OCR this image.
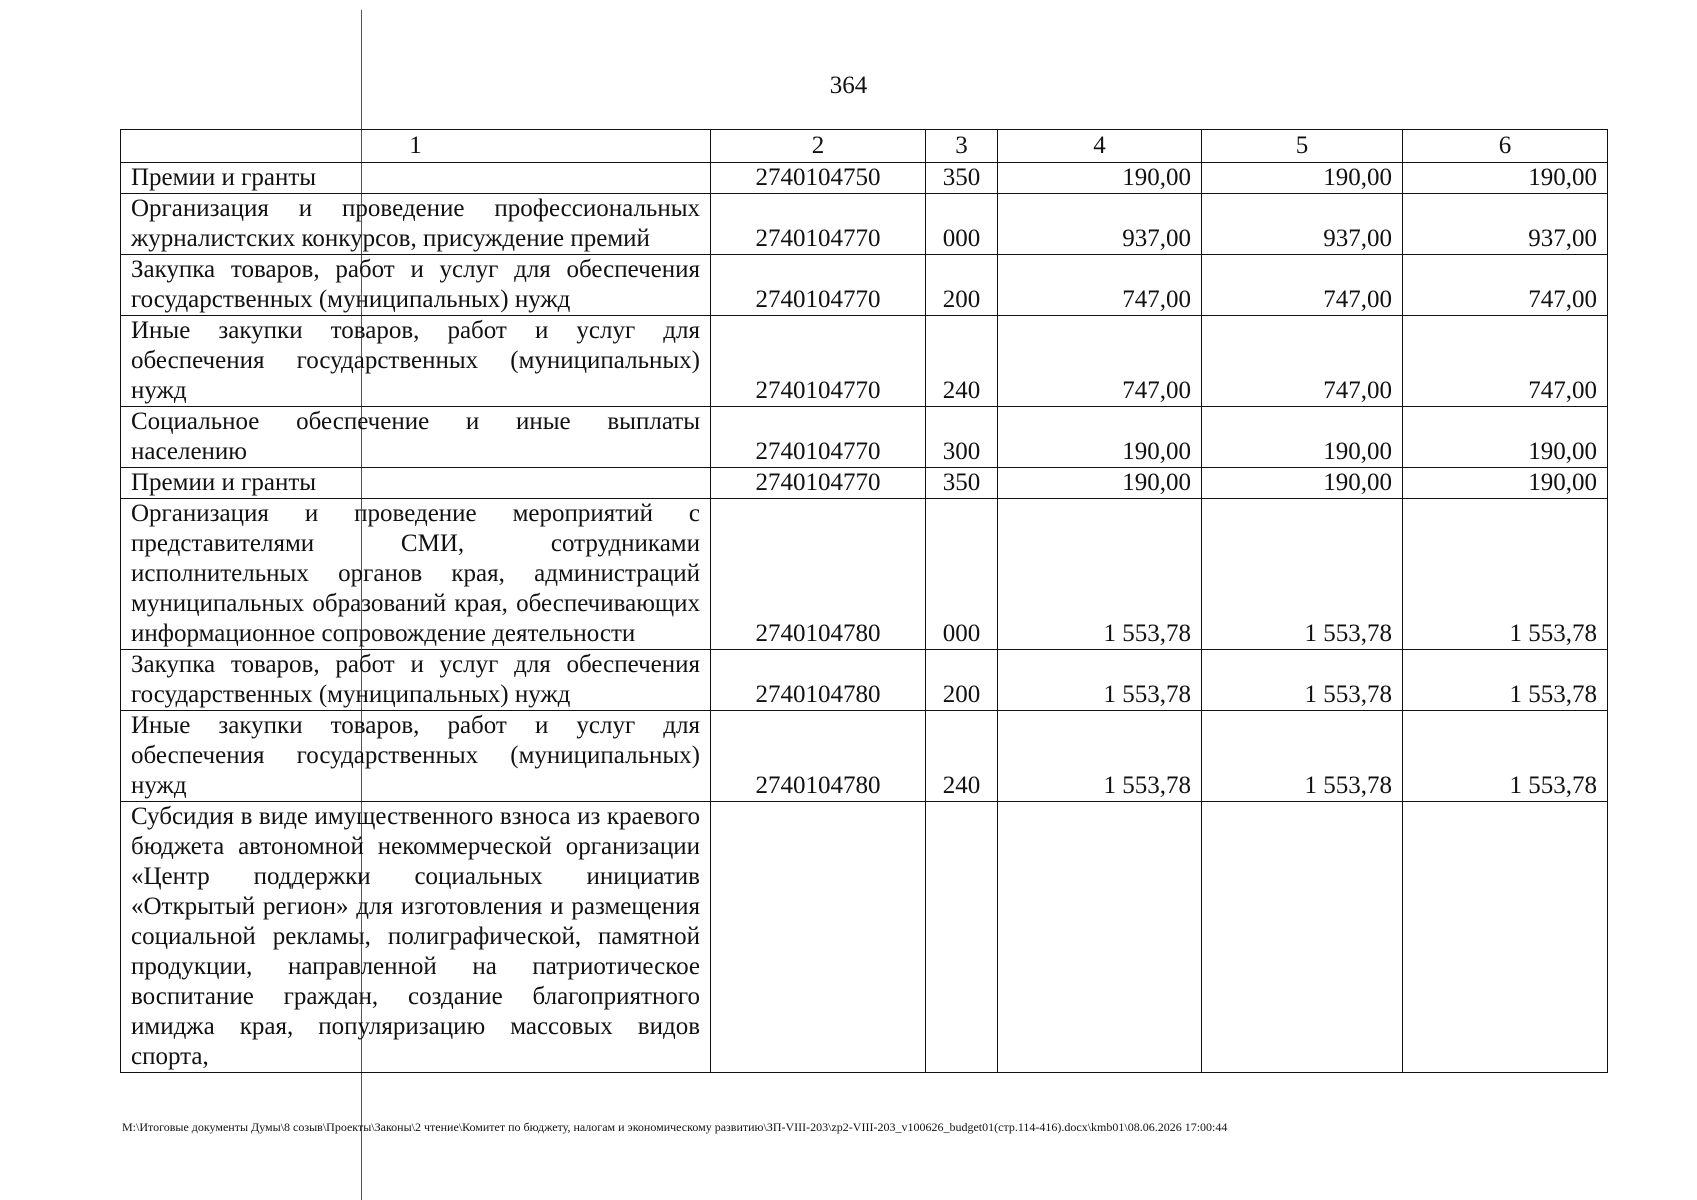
364
1	2	3	4	5	6
Премии и гранты	2740104750	350	190,00	190,00	190,00
Организация и проведение профессиональных журналистских конкурсов, присуждение премий	2740104770	000	937,00	937,00	937,00
Закупка товаров, работ и услуг для обеспечения государственных (муниципальных) нужд	2740104770	200	747,00	747,00	747,00
Иные закупки товаров, работ и услуг для обеспечения государственных (муниципальных) нужд	2740104770	240	747,00	747,00	747,00
Социальное обеспечение и иные выплаты населению	2740104770	300	190,00	190,00	190,00
Премии и гранты	2740104770	350	190,00	190,00	190,00
Организация и проведение мероприятий с представителями СМИ, сотрудниками исполнительных органов края, администраций муниципальных образований края, обеспечивающих информационное сопровождение деятельности	2740104780	000	1 553,78	1 553,78	1 553,78
Закупка товаров, работ и услуг для обеспечения государственных (муниципальных) нужд	2740104780	200	1 553,78	1 553,78	1 553,78
Иные закупки товаров, работ и услуг для обеспечения государственных (муниципальных) нужд	2740104780	240	1 553,78	1 553,78	1 553,78
Субсидия в виде имущественного взноса из краевого бюджета автономной некоммерческой организации «Центр поддержки социальных инициатив «Открытый регион» для изготовления и размещения социальной рекламы, полиграфической, памятной продукции, направленной на патриотическое воспитание граждан, создание благоприятного имиджа края, популяризацию массовых видов спорта,					
M:\Итоговые документы Думы\8 созыв\Проекты\Законы\2 чтение\Комитет по бюджету, налогам и экономическому развитию\ЗП-VIII-203\zp2-VIII-203_v100626_budget01(стр.114-416).docx\kmb01\08.06.2026 17:00:44
